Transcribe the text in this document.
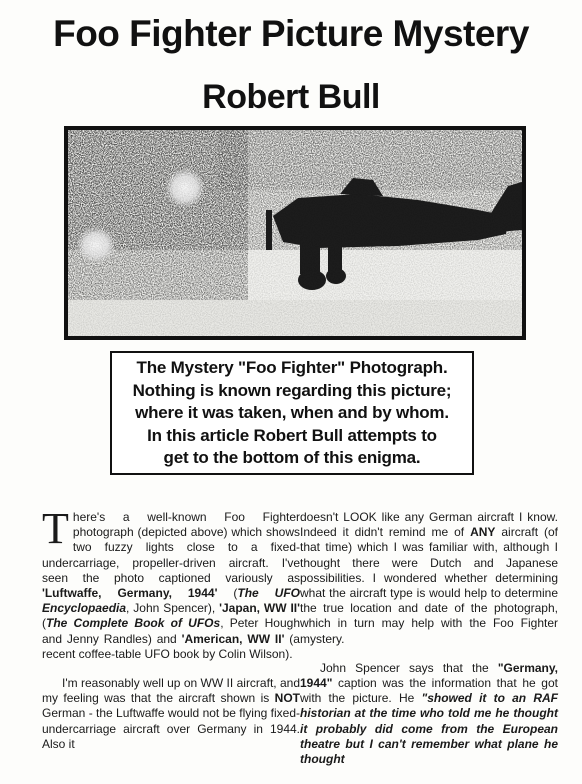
Foo Fighter Picture Mystery
Robert Bull
The Mystery "Foo Fighter" Photograph.
Nothing is known regarding this picture;
where it was taken, when and by whom.
In this article Robert Bull attempts to
get to the bottom of this enigma.

There's a well-known Foo Fighter photograph (depicted above) which shows two fuzzy lights close to a fixed-undercarriage, propeller-driven aircraft. I've seen the photo captioned variously as 'Luftwaffe, Germany, 1944' (The UFO Encyclopaedia, John Spencer), 'Japan, WW II' (The Complete Book of UFOs, Peter Hough and Jenny Randles) and 'American, WW II' (a recent coffee-table UFO book by Colin Wilson).

I'm reasonably well up on WW II aircraft, and my feeling was that the aircraft shown is NOT German - the Luftwaffe would not be flying fixed-undercarriage aircraft over Germany in 1944. Also it

doesn't LOOK like any German aircraft I know. Indeed it didn't remind me of ANY aircraft (of that time) which I was familiar with, although I thought there were Dutch and Japanese possibilities. I wondered whether determining what the aircraft type is would help to determine the true location and date of the photograph, which in turn may help with the Foo Fighter mystery.

John Spencer says that the "Germany, 1944" caption was the information that he got with the picture. He "showed it to an RAF historian at the time who told me he thought it probably did come from the European theatre but I can't remember what plane he thought
